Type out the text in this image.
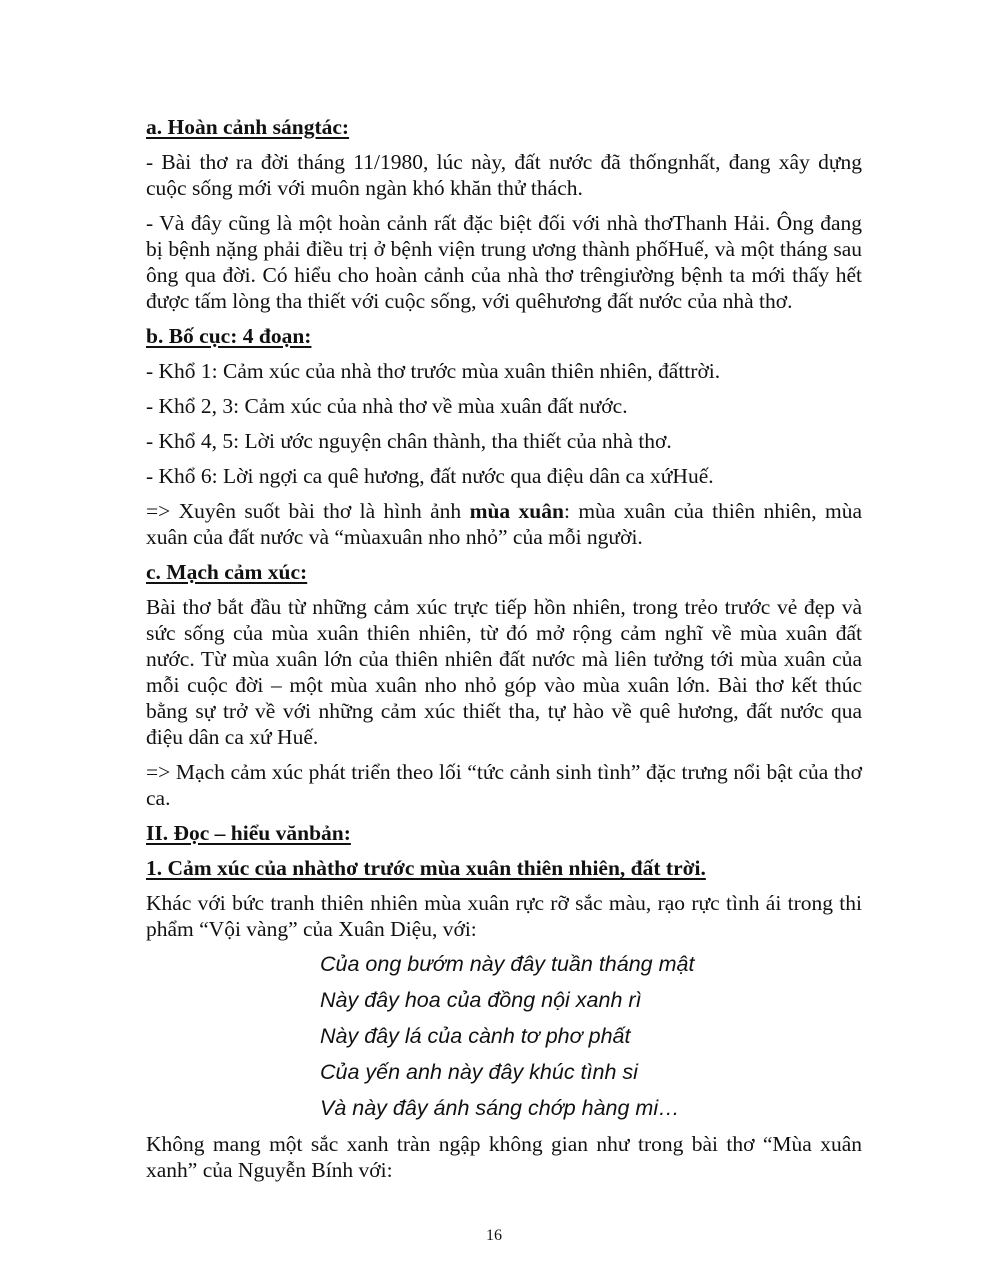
a. Hoàn cảnh sángtác:

- Bài thơ ra đời tháng 11/1980, lúc này, đất nước đã thốngnhất, đang xây dựng cuộc sống mới với muôn ngàn khó khăn thử thách.

- Và đây cũng là một hoàn cảnh rất đặc biệt đối với nhà thơThanh Hải. Ông đang bị bệnh nặng phải điều trị ở bệnh viện trung ương thành phốHuế, và một tháng sau ông qua đời. Có hiểu cho hoàn cảnh của nhà thơ trêngiường bệnh ta mới thấy hết được tấm lòng tha thiết với cuộc sống, với quêhương đất nước của nhà thơ.

b. Bố cục: 4 đoạn:

- Khổ 1: Cảm xúc của nhà thơ trước mùa xuân thiên nhiên, đấttrời.

- Khổ 2, 3: Cảm xúc của nhà thơ về mùa xuân đất nước.

- Khổ 4, 5: Lời ước nguyện chân thành, tha thiết của nhà thơ.

- Khổ 6: Lời ngợi ca quê hương, đất nước qua điệu dân ca xứHuế.

=> Xuyên suốt bài thơ là hình ảnh mùa xuân: mùa xuân của thiên nhiên, mùa xuân của đất nước và “mùaxuân nho nhỏ” của mỗi người.

c. Mạch cảm xúc:

Bài thơ bắt đầu từ những cảm xúc trực tiếp hồn nhiên, trong trẻo trước vẻ đẹp và sức sống của mùa xuân thiên nhiên, từ đó mở rộng cảm nghĩ về mùa xuân đất nước. Từ mùa xuân lớn của thiên nhiên đất nước mà liên tưởng tới mùa xuân của mỗi cuộc đời – một mùa xuân nho nhỏ góp vào mùa xuân lớn. Bài thơ kết thúc bằng sự trở về với những cảm xúc thiết tha, tự hào về quê hương, đất nước qua điệu dân ca xứ Huế.

=> Mạch cảm xúc phát triển theo lối “tức cảnh sinh tình” đặc trưng nổi bật của thơ ca.

II. Đọc – hiểu vănbản:

1. Cảm xúc của nhàthơ trước mùa xuân thiên nhiên, đất trời.

Khác với bức tranh thiên nhiên mùa xuân rực rỡ sắc màu, rạo rực tình ái trong thi phẩm “Vội vàng” của Xuân Diệu, với:

Của ong bướm này đây tuần tháng mật

Này đây hoa của đồng nội xanh rì

Này đây lá của cành tơ phơ phất

Của yến anh này đây khúc tình si

Và này đây ánh sáng chớp hàng mi…

Không mang một sắc xanh tràn ngập không gian như trong bài thơ “Mùa xuân xanh” của Nguyễn Bính với:

16
